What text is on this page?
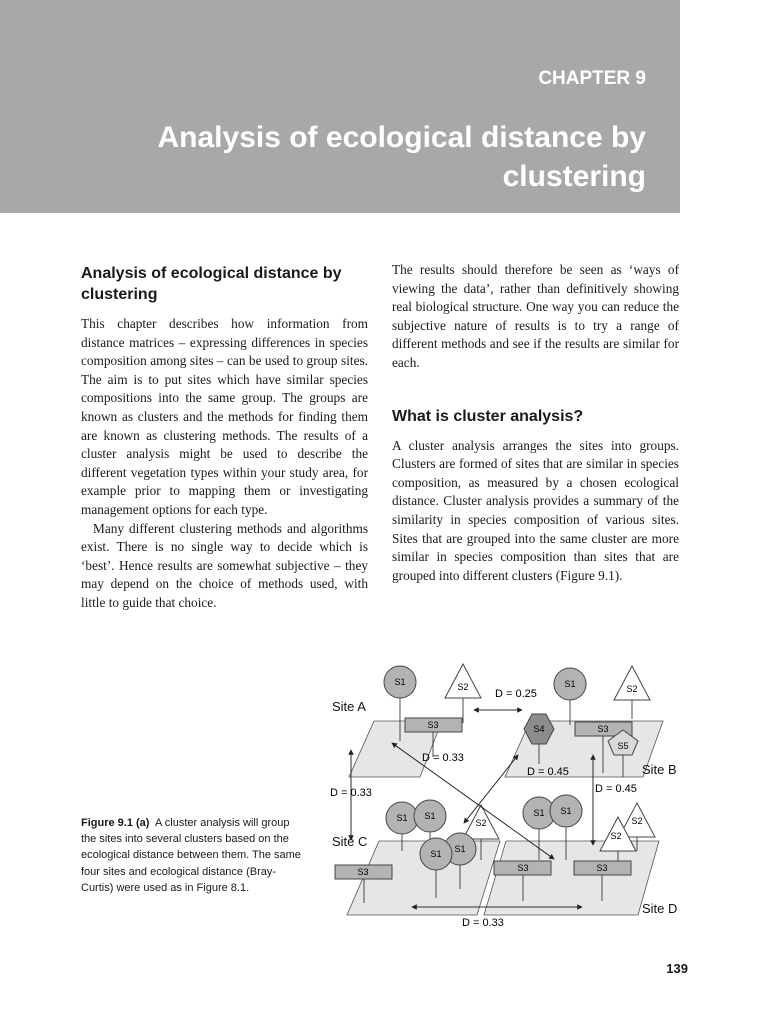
CHAPTER 9
Analysis of ecological distance by clustering
Analysis of ecological distance by clustering

This chapter describes how information from distance matrices – expressing differences in species composition among sites – can be used to group sites. The aim is to put sites which have similar species compositions into the same group. The groups are known as clusters and the methods for finding them are known as clustering methods. The results of a cluster analysis might be used to describe the different vegetation types within your study area, for example prior to mapping them or investigating management options for each type.

Many different clustering methods and algorithms exist. There is no single way to decide which is ‘best’. Hence results are somewhat subjective – they may depend on the choice of methods used, with little to guide that choice.

The results should therefore be seen as ‘ways of viewing the data’, rather than definitively showing real biological structure. One way you can reduce the subjective nature of results is to try a range of different methods and see if the results are similar for each.

What is cluster analysis?

A cluster analysis arranges the sites into groups. Clusters are formed of sites that are similar in species composition, as measured by a chosen ecological distance. Cluster analysis provides a summary of the similarity in species composition of various sites. Sites that are grouped into the same cluster are more similar in species composition than sites that are grouped into different clusters (Figure 9.1).

Figure 9.1 (a) A cluster analysis will group the sites into several clusters based on the ecological distance between them. The same four sites and ecological distance (Bray-Curtis) were used as in Figure 8.1.
Site A
Site B
Site C
Site D
S1	S2
S3
S1	S2
S4	S3
S5
S1 S1
S2
S1
S1
S3
S1 S1
S2
S2
S3	S3
D = 0.25
D = 0.33
D = 0.33
D = 0.45
D = 0.45
D = 0.33
139
